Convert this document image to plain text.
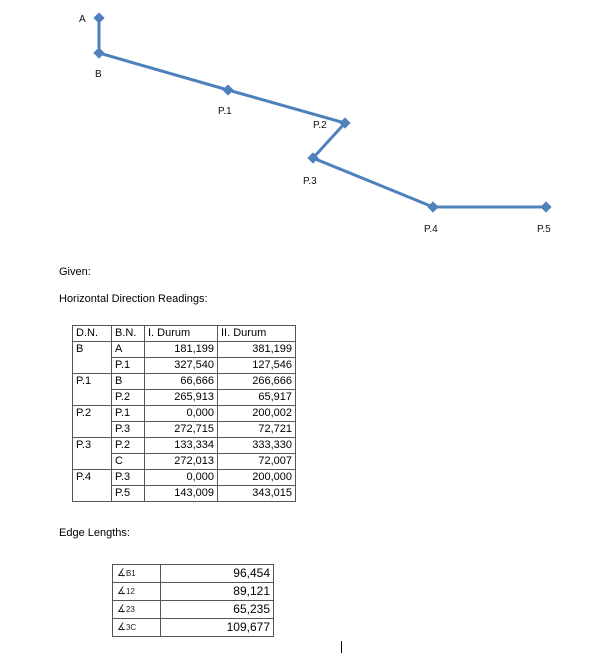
A
B
P.1
P.2
P.3
P.4	P.5
Given:
Horizontal Direction Readings:
D.N.	B.N.	I. Durum	II. Durum
B	A	181,199	381,199
	P.1	327,540	127,546
P.1	B	66,666	266,666
	P.2	265,913	65,917
P.2	P.1	0,000	200,002
	P.3	272,715	72,721
P.3	P.2	133,334	333,330
	C	272,013	72,007
P.4	P.3	0,000	200,000
	P.5	143,009	343,015
Edge Lengths:
∡B1	96,454
∡12	89,121
∡23	65,235
∡3C	109,677
